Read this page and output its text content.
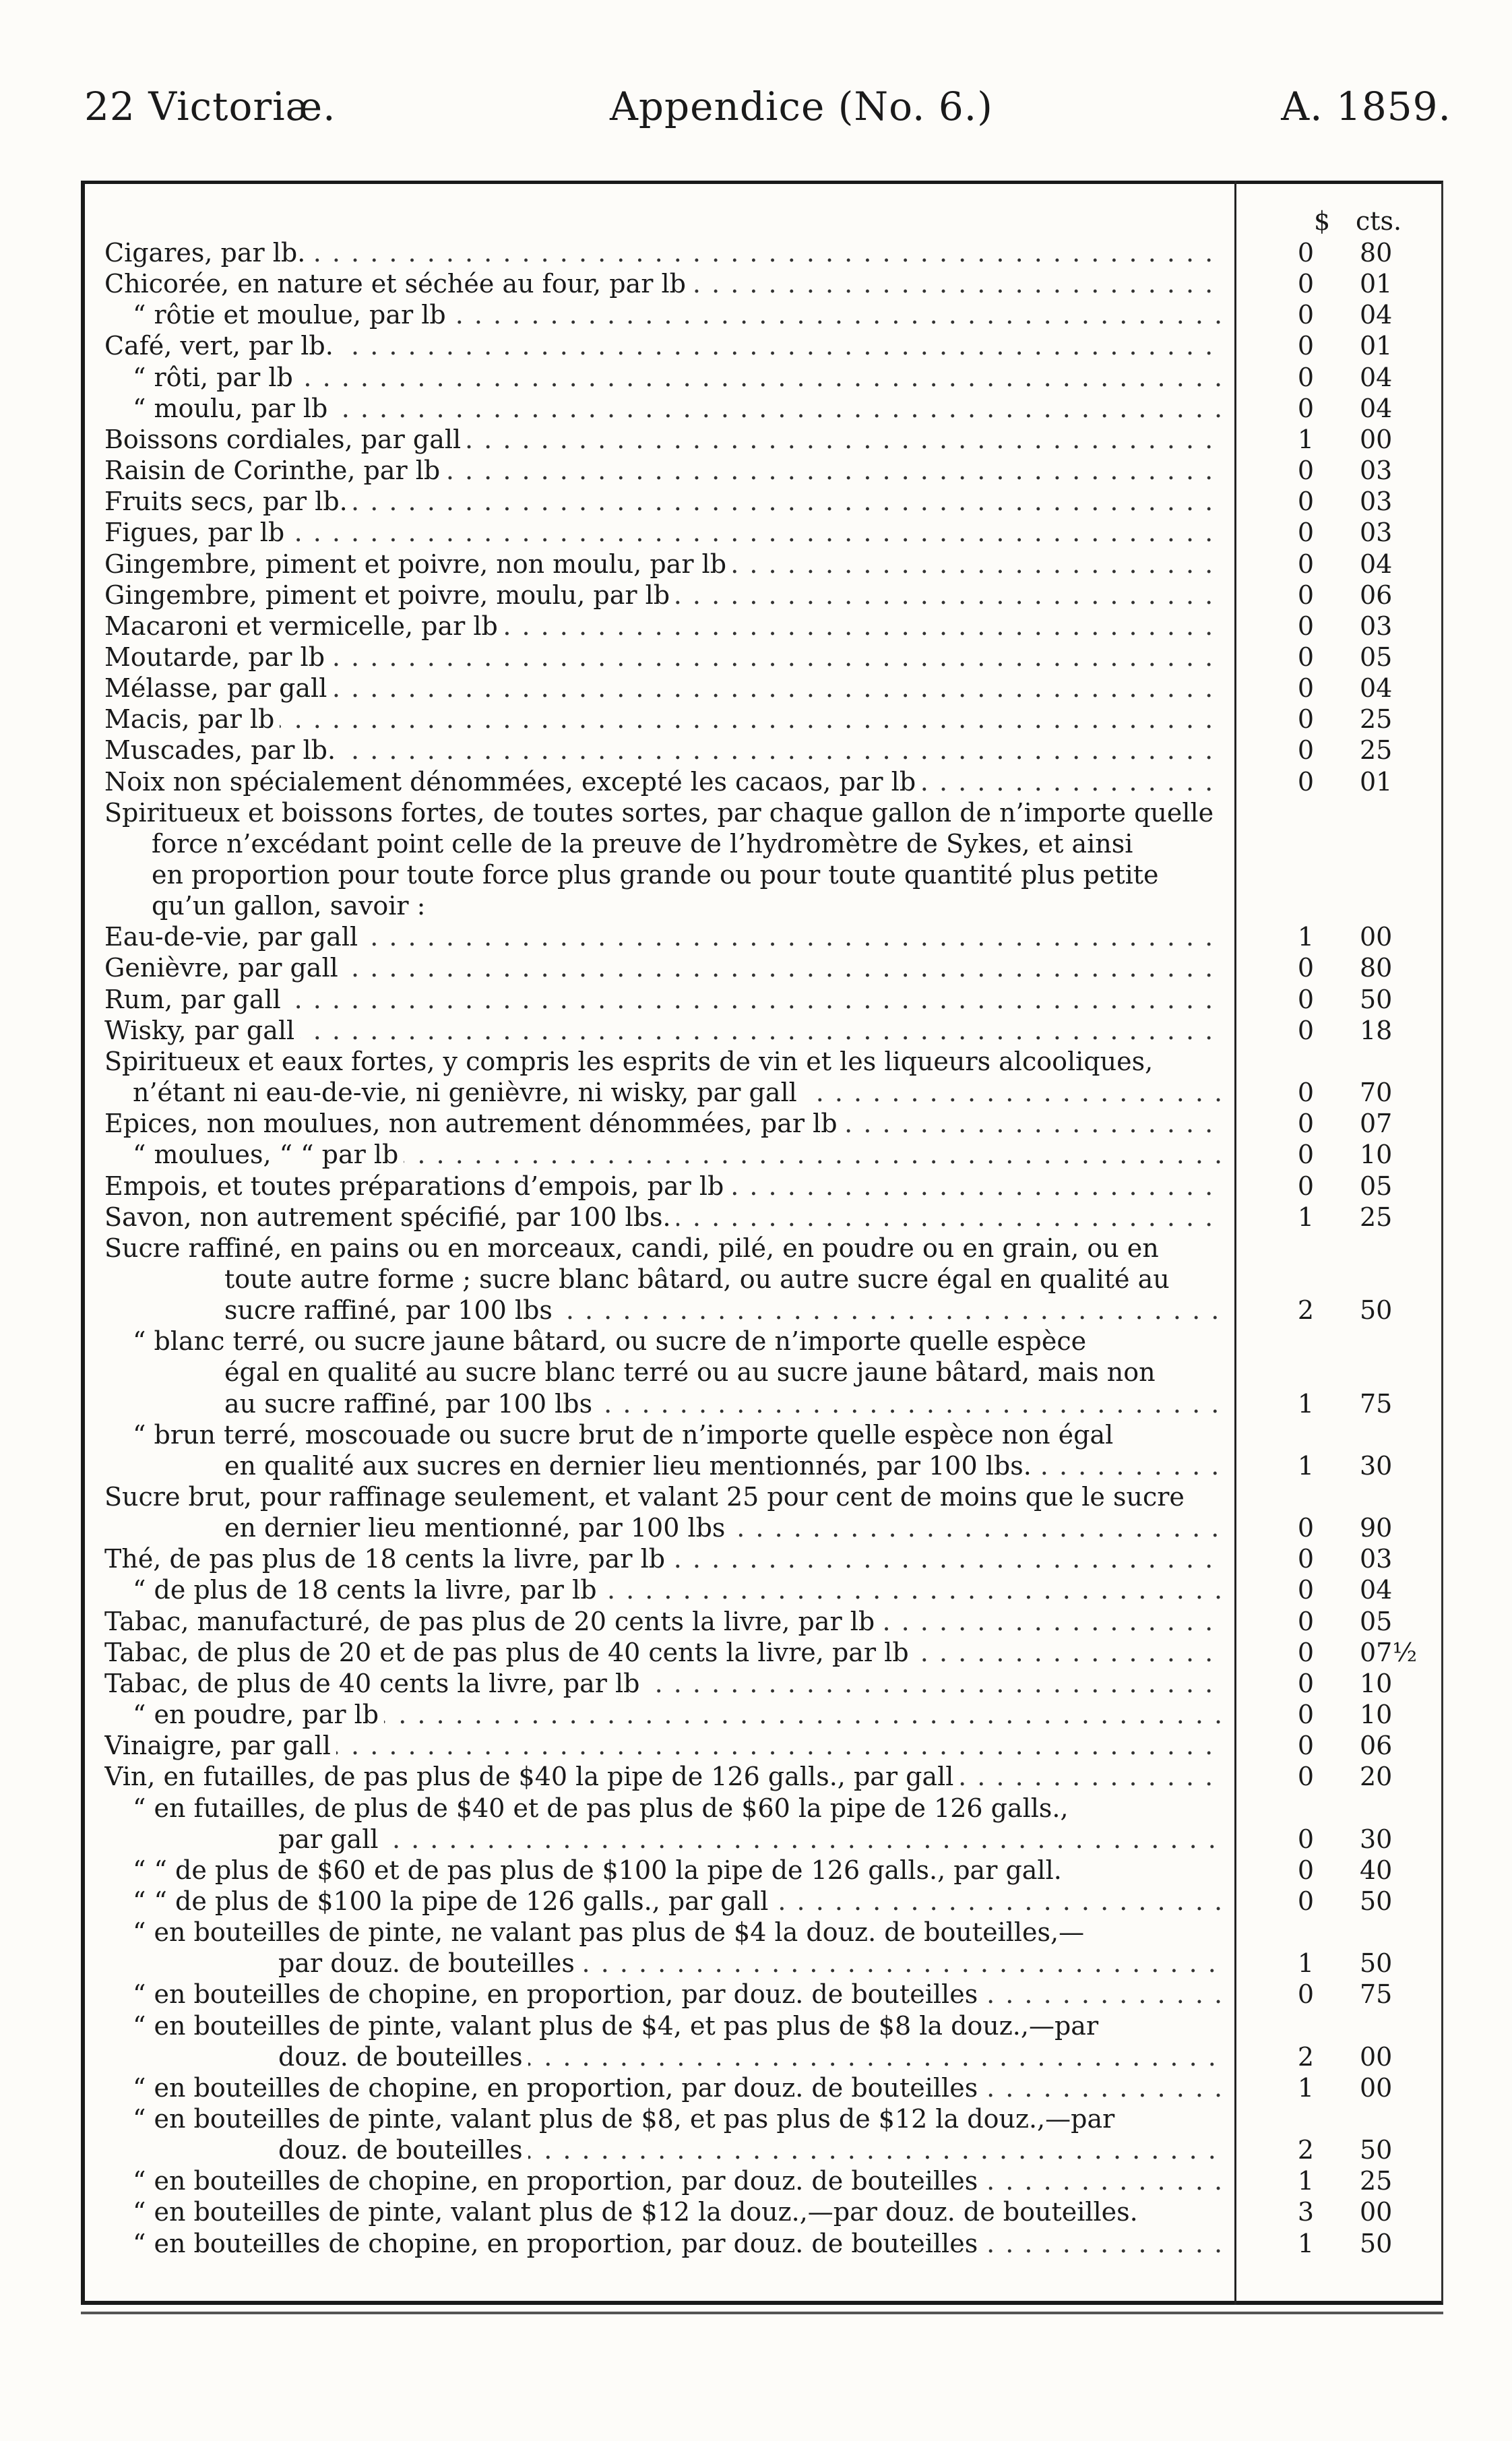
22 Victoriæ.	Appendice (No. 6.)	A. 1859.
$ cts.
Cigares, par lb. . . .	0 80
Chicorée, en nature et séchée au four, par lb . . .	0 01
“ rôtie et moulue, par lb . . .	0 04
Café, vert, par lb. . . .	0 01
“ rôti, par lb . . .	0 04
“ moulu, par lb . . .	0 04
Boissons cordiales, par gall . . .	1 00
Raisin de Corinthe, par lb . . .	0 03
Fruits secs, par lb. . . .	0 03
Figues, par lb . . .	0 03
Gingembre, piment et poivre, non moulu, par lb . . .	0 04
Gingembre, piment et poivre, moulu, par lb . . .	0 06
Macaroni et vermicelle, par lb . . .	0 03
Moutarde, par lb . . .	0 05
Mélasse, par gall . . .	0 04
Macis, par lb . . .	0 25
Muscades, par lb. . . .	0 25
Noix non spécialement dénommées, excepté les cacaos, par lb . . .	0 01
Spiritueux et boissons fortes, de toutes sortes, par chaque gallon de n’importe quelle
force n’excédant point celle de la preuve de l’hydromètre de Sykes, et ainsi
en proportion pour toute force plus grande ou pour toute quantité plus petite
qu’un gallon, savoir :
Eau-de-vie, par gall . . .	1 00
Genièvre, par gall . . .	0 80
Rum, par gall . . .	0 50
Wisky, par gall . . .	0 18
Spiritueux et eaux fortes, y compris les esprits de vin et les liqueurs alcooliques,
n’étant ni eau-de-vie, ni genièvre, ni wisky, par gall . . .	0 70
Epices, non moulues, non autrement dénommées, par lb . . .	0 07
“ moulues, “ “ par lb . . .	0 10
Empois, et toutes préparations d’empois, par lb . . .	0 05
Savon, non autrement spécifié, par 100 lbs. . . .	1 25
Sucre raffiné, en pains ou en morceaux, candi, pilé, en poudre ou en grain, ou en
toute autre forme ; sucre blanc bâtard, ou autre sucre égal en qualité au
sucre raffiné, par 100 lbs . . .	2 50
“ blanc terré, ou sucre jaune bâtard, ou sucre de n’importe quelle espèce
égal en qualité au sucre blanc terré ou au sucre jaune bâtard, mais non
au sucre raffiné, par 100 lbs . . .	1 75
“ brun terré, moscouade ou sucre brut de n’importe quelle espèce non égal
en qualité aux sucres en dernier lieu mentionnés, par 100 lbs. . . .	1 30
Sucre brut, pour raffinage seulement, et valant 25 pour cent de moins que le sucre
en dernier lieu mentionné, par 100 lbs . . .	0 90
Thé, de pas plus de 18 cents la livre, par lb . . .	0 03
“ de plus de 18 cents la livre, par lb . . .	0 04
Tabac, manufacturé, de pas plus de 20 cents la livre, par lb . . .	0 05
Tabac, de plus de 20 et de pas plus de 40 cents la livre, par lb . . .	0 07½
Tabac, de plus de 40 cents la livre, par lb . . .	0 10
“ en poudre, par lb . . .	0 10
Vinaigre, par gall . . .	0 06
Vin, en futailles, de pas plus de $40 la pipe de 126 galls., par gall . . .	0 20
“ en futailles, de plus de $40 et de pas plus de $60 la pipe de 126 galls.,
par gall . . .	0 30
“ “ de plus de $60 et de pas plus de $100 la pipe de 126 galls., par gall.	0 40
“ “ de plus de $100 la pipe de 126 galls., par gall . . .	0 50
“ en bouteilles de pinte, ne valant pas plus de $4 la douz. de bouteilles,—
par douz. de bouteilles . . .	1 50
“ en bouteilles de chopine, en proportion, par douz. de bouteilles . . .	0 75
“ en bouteilles de pinte, valant plus de $4, et pas plus de $8 la douz.,—par
douz. de bouteilles . . .	2 00
“ en bouteilles de chopine, en proportion, par douz. de bouteilles . . .	1 00
“ en bouteilles de pinte, valant plus de $8, et pas plus de $12 la douz.,—par
douz. de bouteilles . . .	2 50
“ en bouteilles de chopine, en proportion, par douz. de bouteilles . . .	1 25
“ en bouteilles de pinte, valant plus de $12 la douz.,—par douz. de bouteilles.	3 00
“ en bouteilles de chopine, en proportion, par douz. de bouteilles . . .	1 50
